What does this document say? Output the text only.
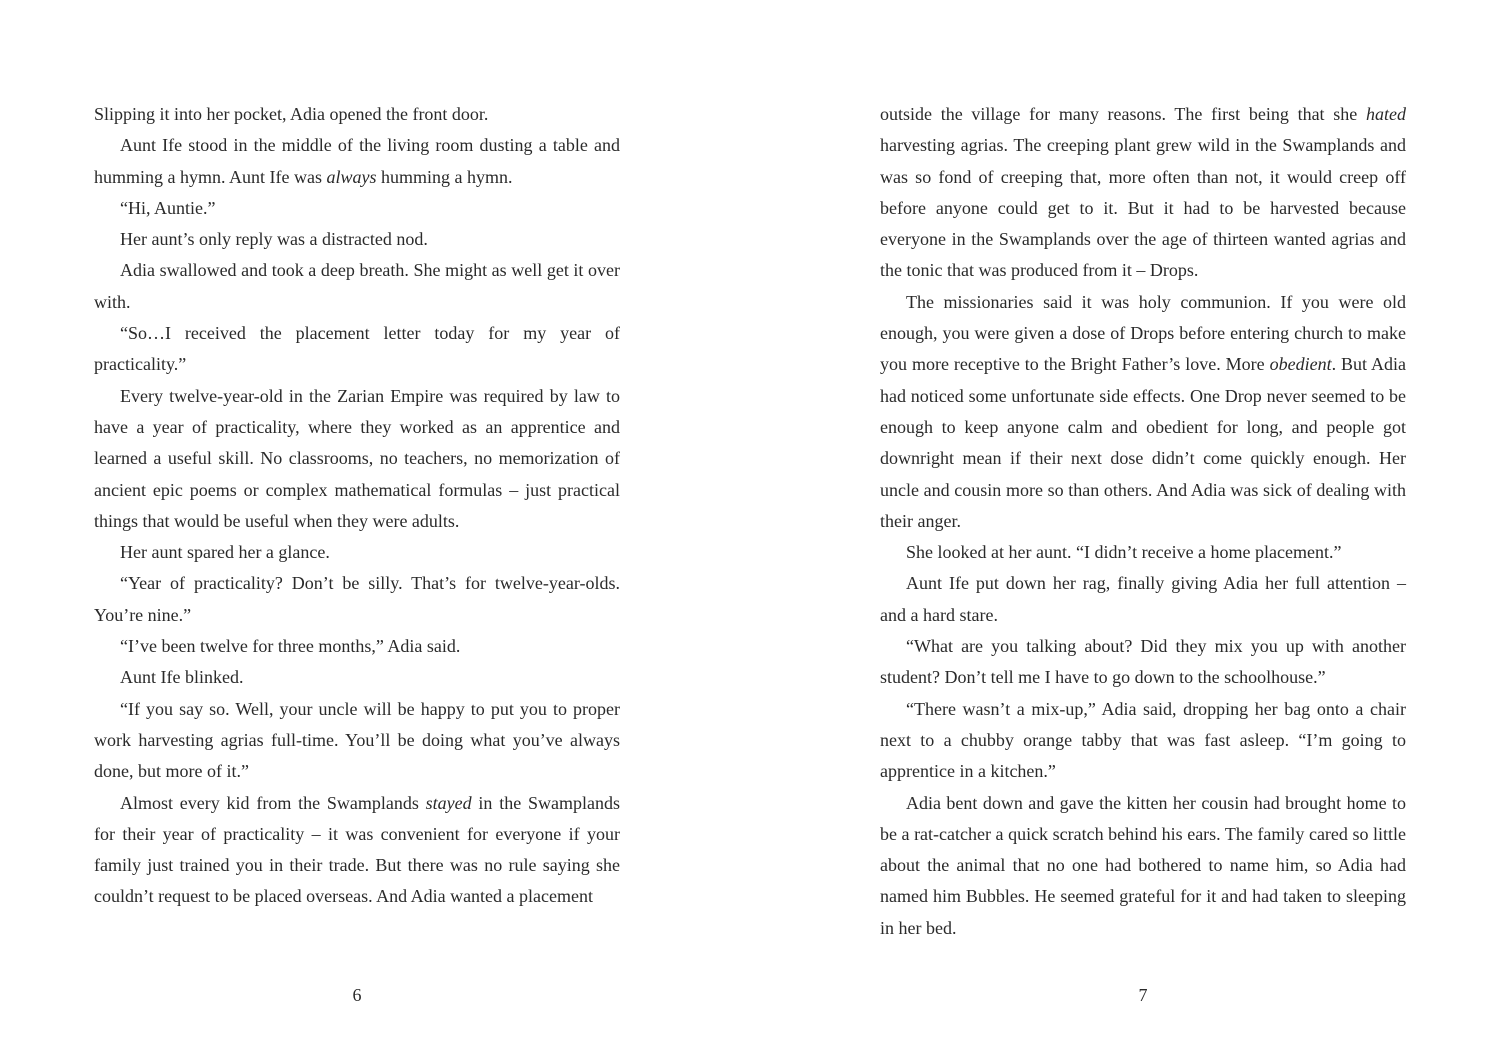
Slipping it into her pocket, Adia opened the front door.

Aunt Ife stood in the middle of the living room dusting a table and humming a hymn. Aunt Ife was always humming a hymn.

“Hi, Auntie.”

Her aunt’s only reply was a distracted nod.

Adia swallowed and took a deep breath. She might as well get it over with.

“So…I received the placement letter today for my year of practicality.”

Every twelve-year-old in the Zarian Empire was required by law to have a year of practicality, where they worked as an apprentice and learned a useful skill. No classrooms, no teachers, no memorization of ancient epic poems or complex mathematical formulas – just practical things that would be useful when they were adults.

Her aunt spared her a glance.

“Year of practicality? Don’t be silly. That’s for twelve-year-olds. You’re nine.”

“I’ve been twelve for three months,” Adia said.

Aunt Ife blinked.

“If you say so. Well, your uncle will be happy to put you to proper work harvesting agrias full-time. You’ll be doing what you’ve always done, but more of it.”

Almost every kid from the Swamplands stayed in the Swamplands for their year of practicality – it was convenient for everyone if your family just trained you in their trade. But there was no rule saying she couldn’t request to be placed overseas. And Adia wanted a placement

outside the village for many reasons. The first being that she hated harvesting agrias. The creeping plant grew wild in the Swamplands and was so fond of creeping that, more often than not, it would creep off before anyone could get to it. But it had to be harvested because everyone in the Swamplands over the age of thirteen wanted agrias and the tonic that was produced from it – Drops.

The missionaries said it was holy communion. If you were old enough, you were given a dose of Drops before entering church to make you more receptive to the Bright Father’s love. More obedient. But Adia had noticed some unfortunate side effects. One Drop never seemed to be enough to keep anyone calm and obedient for long, and people got downright mean if their next dose didn’t come quickly enough. Her uncle and cousin more so than others. And Adia was sick of dealing with their anger.

She looked at her aunt. “I didn’t receive a home placement.”

Aunt Ife put down her rag, finally giving Adia her full attention – and a hard stare.

“What are you talking about? Did they mix you up with another student? Don’t tell me I have to go down to the schoolhouse.”

“There wasn’t a mix-up,” Adia said, dropping her bag onto a chair next to a chubby orange tabby that was fast asleep. “I’m going to apprentice in a kitchen.”

Adia bent down and gave the kitten her cousin had brought home to be a rat-catcher a quick scratch behind his ears. The family cared so little about the animal that no one had bothered to name him, so Adia had named him Bubbles. He seemed grateful for it and had taken to sleeping in her bed.

6	7
